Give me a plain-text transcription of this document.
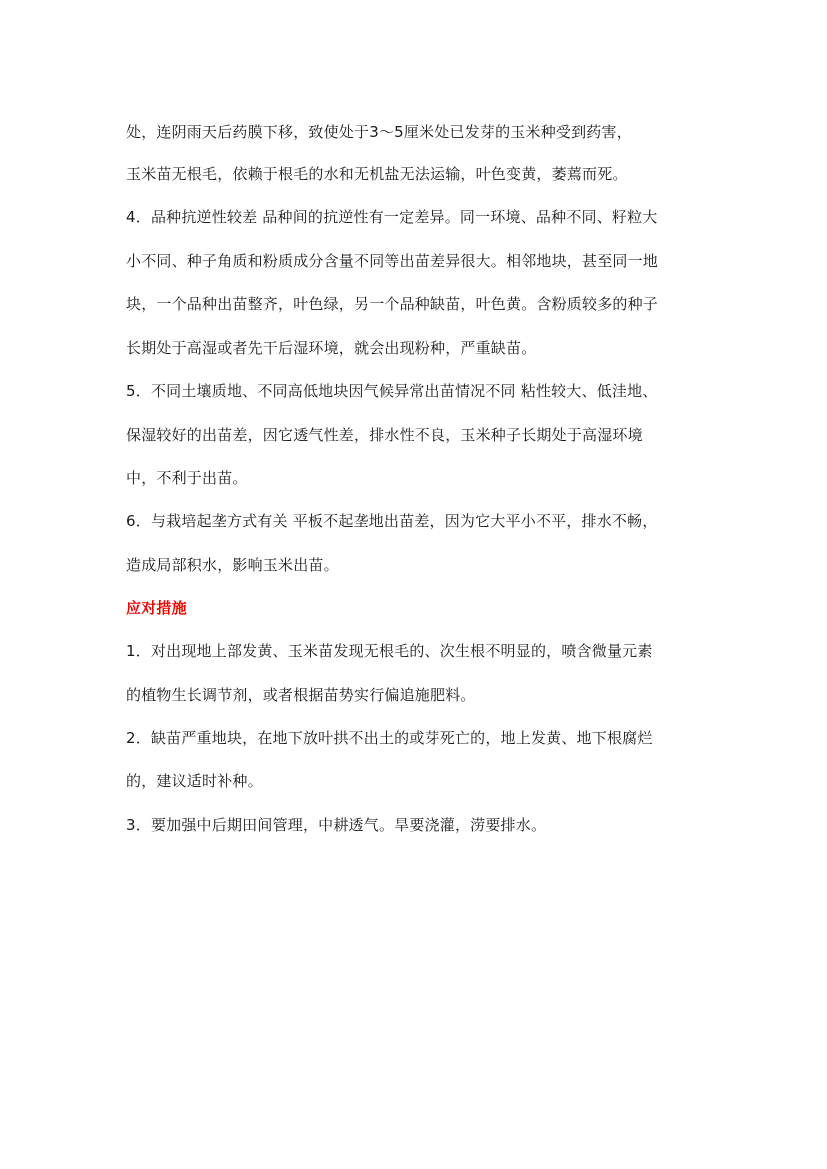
处，连阴雨天后药膜下移，致使处于3～5厘米处已发芽的玉米种受到药害，
玉米苗无根毛，依赖于根毛的水和无机盐无法运输，叶色变黄，萎蔫而死。
4．品种抗逆性较差 品种间的抗逆性有一定差异。同一环境、品种不同、籽粒大
小不同、种子角质和粉质成分含量不同等出苗差异很大。相邻地块，甚至同一地
块，一个品种出苗整齐，叶色绿，另一个品种缺苗，叶色黄。含粉质较多的种子
长期处于高湿或者先干后湿环境，就会出现粉种，严重缺苗。
5．不同土壤质地、不同高低地块因气候异常出苗情况不同 粘性较大、低洼地、
保湿较好的出苗差，因它透气性差，排水性不良，玉米种子长期处于高湿环境
中，不利于出苗。
6．与栽培起垄方式有关 平板不起垄地出苗差，因为它大平小不平，排水不畅，
造成局部积水，影响玉米出苗。
应对措施
1．对出现地上部发黄、玉米苗发现无根毛的、次生根不明显的，喷含微量元素
的植物生长调节剂，或者根据苗势实行偏追施肥料。
2．缺苗严重地块，在地下放叶拱不出土的或芽死亡的，地上发黄、地下根腐烂
的，建议适时补种。
3．要加强中后期田间管理，中耕透气。旱要浇灌，涝要排水。
